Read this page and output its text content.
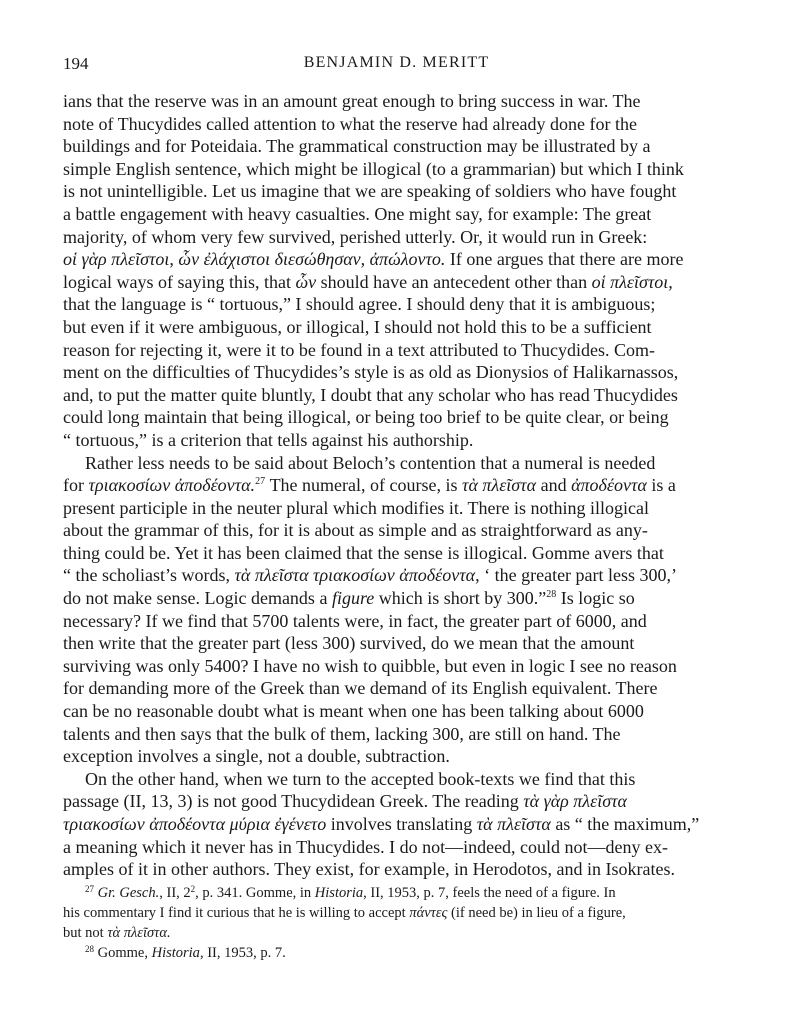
194	BENJAMIN D. MERITT
ians that the reserve was in an amount great enough to bring success in war. The
note of Thucydides called attention to what the reserve had already done for the
buildings and for Poteidaia. The grammatical construction may be illustrated by a
simple English sentence, which might be illogical (to a grammarian) but which I think
is not unintelligible. Let us imagine that we are speaking of soldiers who have fought
a battle engagement with heavy casualties. One might say, for example: The great
majority, of whom very few survived, perished utterly. Or, it would run in Greek:
οἱ γὰρ πλεῖστοι, ὧν ἐλάχιστοι διεσώθησαν, ἀπώλοντο. If one argues that there are more
logical ways of saying this, that ὧν should have an antecedent other than οἱ πλεῖστοι,
that the language is “ tortuous,” I should agree. I should deny that it is ambiguous;
but even if it were ambiguous, or illogical, I should not hold this to be a sufficient
reason for rejecting it, were it to be found in a text attributed to Thucydides. Com-
ment on the difficulties of Thucydides’s style is as old as Dionysios of Halikarnassos,
and, to put the matter quite bluntly, I doubt that any scholar who has read Thucydides
could long maintain that being illogical, or being too brief to be quite clear, or being
“ tortuous,” is a criterion that tells against his authorship.
Rather less needs to be said about Beloch’s contention that a numeral is needed
for τριακοσίων ἀποδέοντα.$^{27}$ The numeral, of course, is τὰ πλεῖστα and ἀποδέοντα is a
present participle in the neuter plural which modifies it. There is nothing illogical
about the grammar of this, for it is about as simple and as straightforward as any-
thing could be. Yet it has been claimed that the sense is illogical. Gomme avers that
“ the scholiast’s words, τὰ πλεῖστα τριακοσίων ἀποδέοντα, ‘ the greater part less 300,’
do not make sense. Logic demands a figure which is short by 300.”$^{28}$ Is logic so
necessary? If we find that 5700 talents were, in fact, the greater part of 6000, and
then write that the greater part (less 300) survived, do we mean that the amount
surviving was only 5400? I have no wish to quibble, but even in logic I see no reason
for demanding more of the Greek than we demand of its English equivalent. There
can be no reasonable doubt what is meant when one has been talking about 6000
talents and then says that the bulk of them, lacking 300, are still on hand. The
exception involves a single, not a double, subtraction.
On the other hand, when we turn to the accepted book-texts we find that this
passage (II, 13, 3) is not good Thucydidean Greek. The reading τὰ γὰρ πλεῖστα
τριακοσίων ἀποδέοντα μύρια ἐγένετο involves translating τὰ πλεῖστα as “ the maximum,”
a meaning which it never has in Thucydides. I do not—indeed, could not—deny ex-
amples of it in other authors. They exist, for example, in Herodotos, and in Isokrates.
$^{27}$ Gr. Gesch., II, $2^2$, p. 341. Gomme, in Historia, II, 1953, p. 7, feels the need of a figure. In
his commentary I find it curious that he is willing to accept πάντες (if need be) in lieu of a figure,
but not τὰ πλεῖστα.
$^{28}$ Gomme, Historia, II, 1953, p. 7.
